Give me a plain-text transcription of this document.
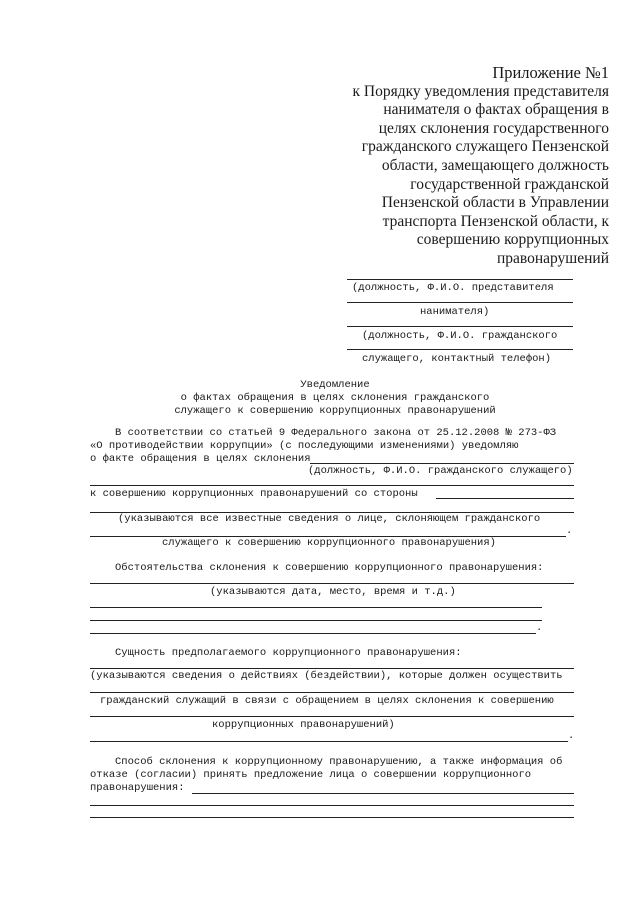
Приложение №1
к Порядку уведомления представителя
нанимателя о фактах обращения в
целях склонения государственного
гражданского служащего Пензенской
области, замещающего должность
государственной гражданской
Пензенской области в Управлении
транспорта Пензенской области, к
совершению коррупционных
правонарушений
(должность, Ф.И.О. представителя
нанимателя)
(должность, Ф.И.О. гражданского
служащего, контактный телефон)
Уведомление
о фактах обращения в целях склонения гражданского
служащего к совершению коррупционных правонарушений
В соответствии со статьей 9 Федерального закона от 25.12.2008 № 273-ФЗ
«О противодействии коррупции» (с последующими изменениями) уведомляю
о факте обращения в целях склонения
(должность, Ф.И.О. гражданского служащего)
к совершению коррупционных правонарушений со стороны
(указываются все известные сведения о лице, склоняющем гражданского
.
служащего к совершению коррупционного правонарушения)
Обстоятельства склонения к совершению коррупционного правонарушения:
(указываются дата, место, время и т.д.)
.
Сущность предполагаемого коррупционного правонарушения:
(указываются сведения о действиях (бездействии), которые должен осуществить
гражданский служащий в связи с обращением в целях склонения к совершению
коррупционных правонарушений)
.
Способ склонения к коррупционному правонарушению, а также информация об
отказе (согласии) принять предложение лица о совершении коррупционного
правонарушения:
